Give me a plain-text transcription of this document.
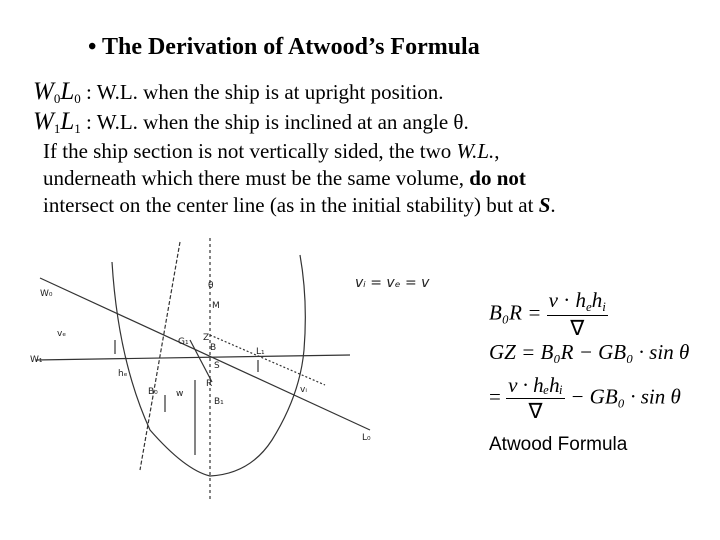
• The Derivation of Atwood’s Formula
$W_0L_0$ : W.L. when the ship is at upright position.
$W_1L_1$ : W.L. when the ship is inclined at an angle θ.
If the ship section is not vertically sided, the two W.L.,
underneath which there must be the same volume, do not
intersect on the center line (as in the initial stability) but at S.
W₀
vₑ
W₁
hₑ
B₀ w
θ
M
G₁ Z
B
S
R
B₁
L₁
vᵢ
L₀
vᵢ = vₑ = v
$B_0R = \frac{\text{v · hehi}}{\nabla}$
GZ = B₀R − GB₀ · sin θ
= $\frac{\text{v · hₑhᵢ}}{\nabla} - GB_0 \cdot \sin \theta$
Atwood Formula
